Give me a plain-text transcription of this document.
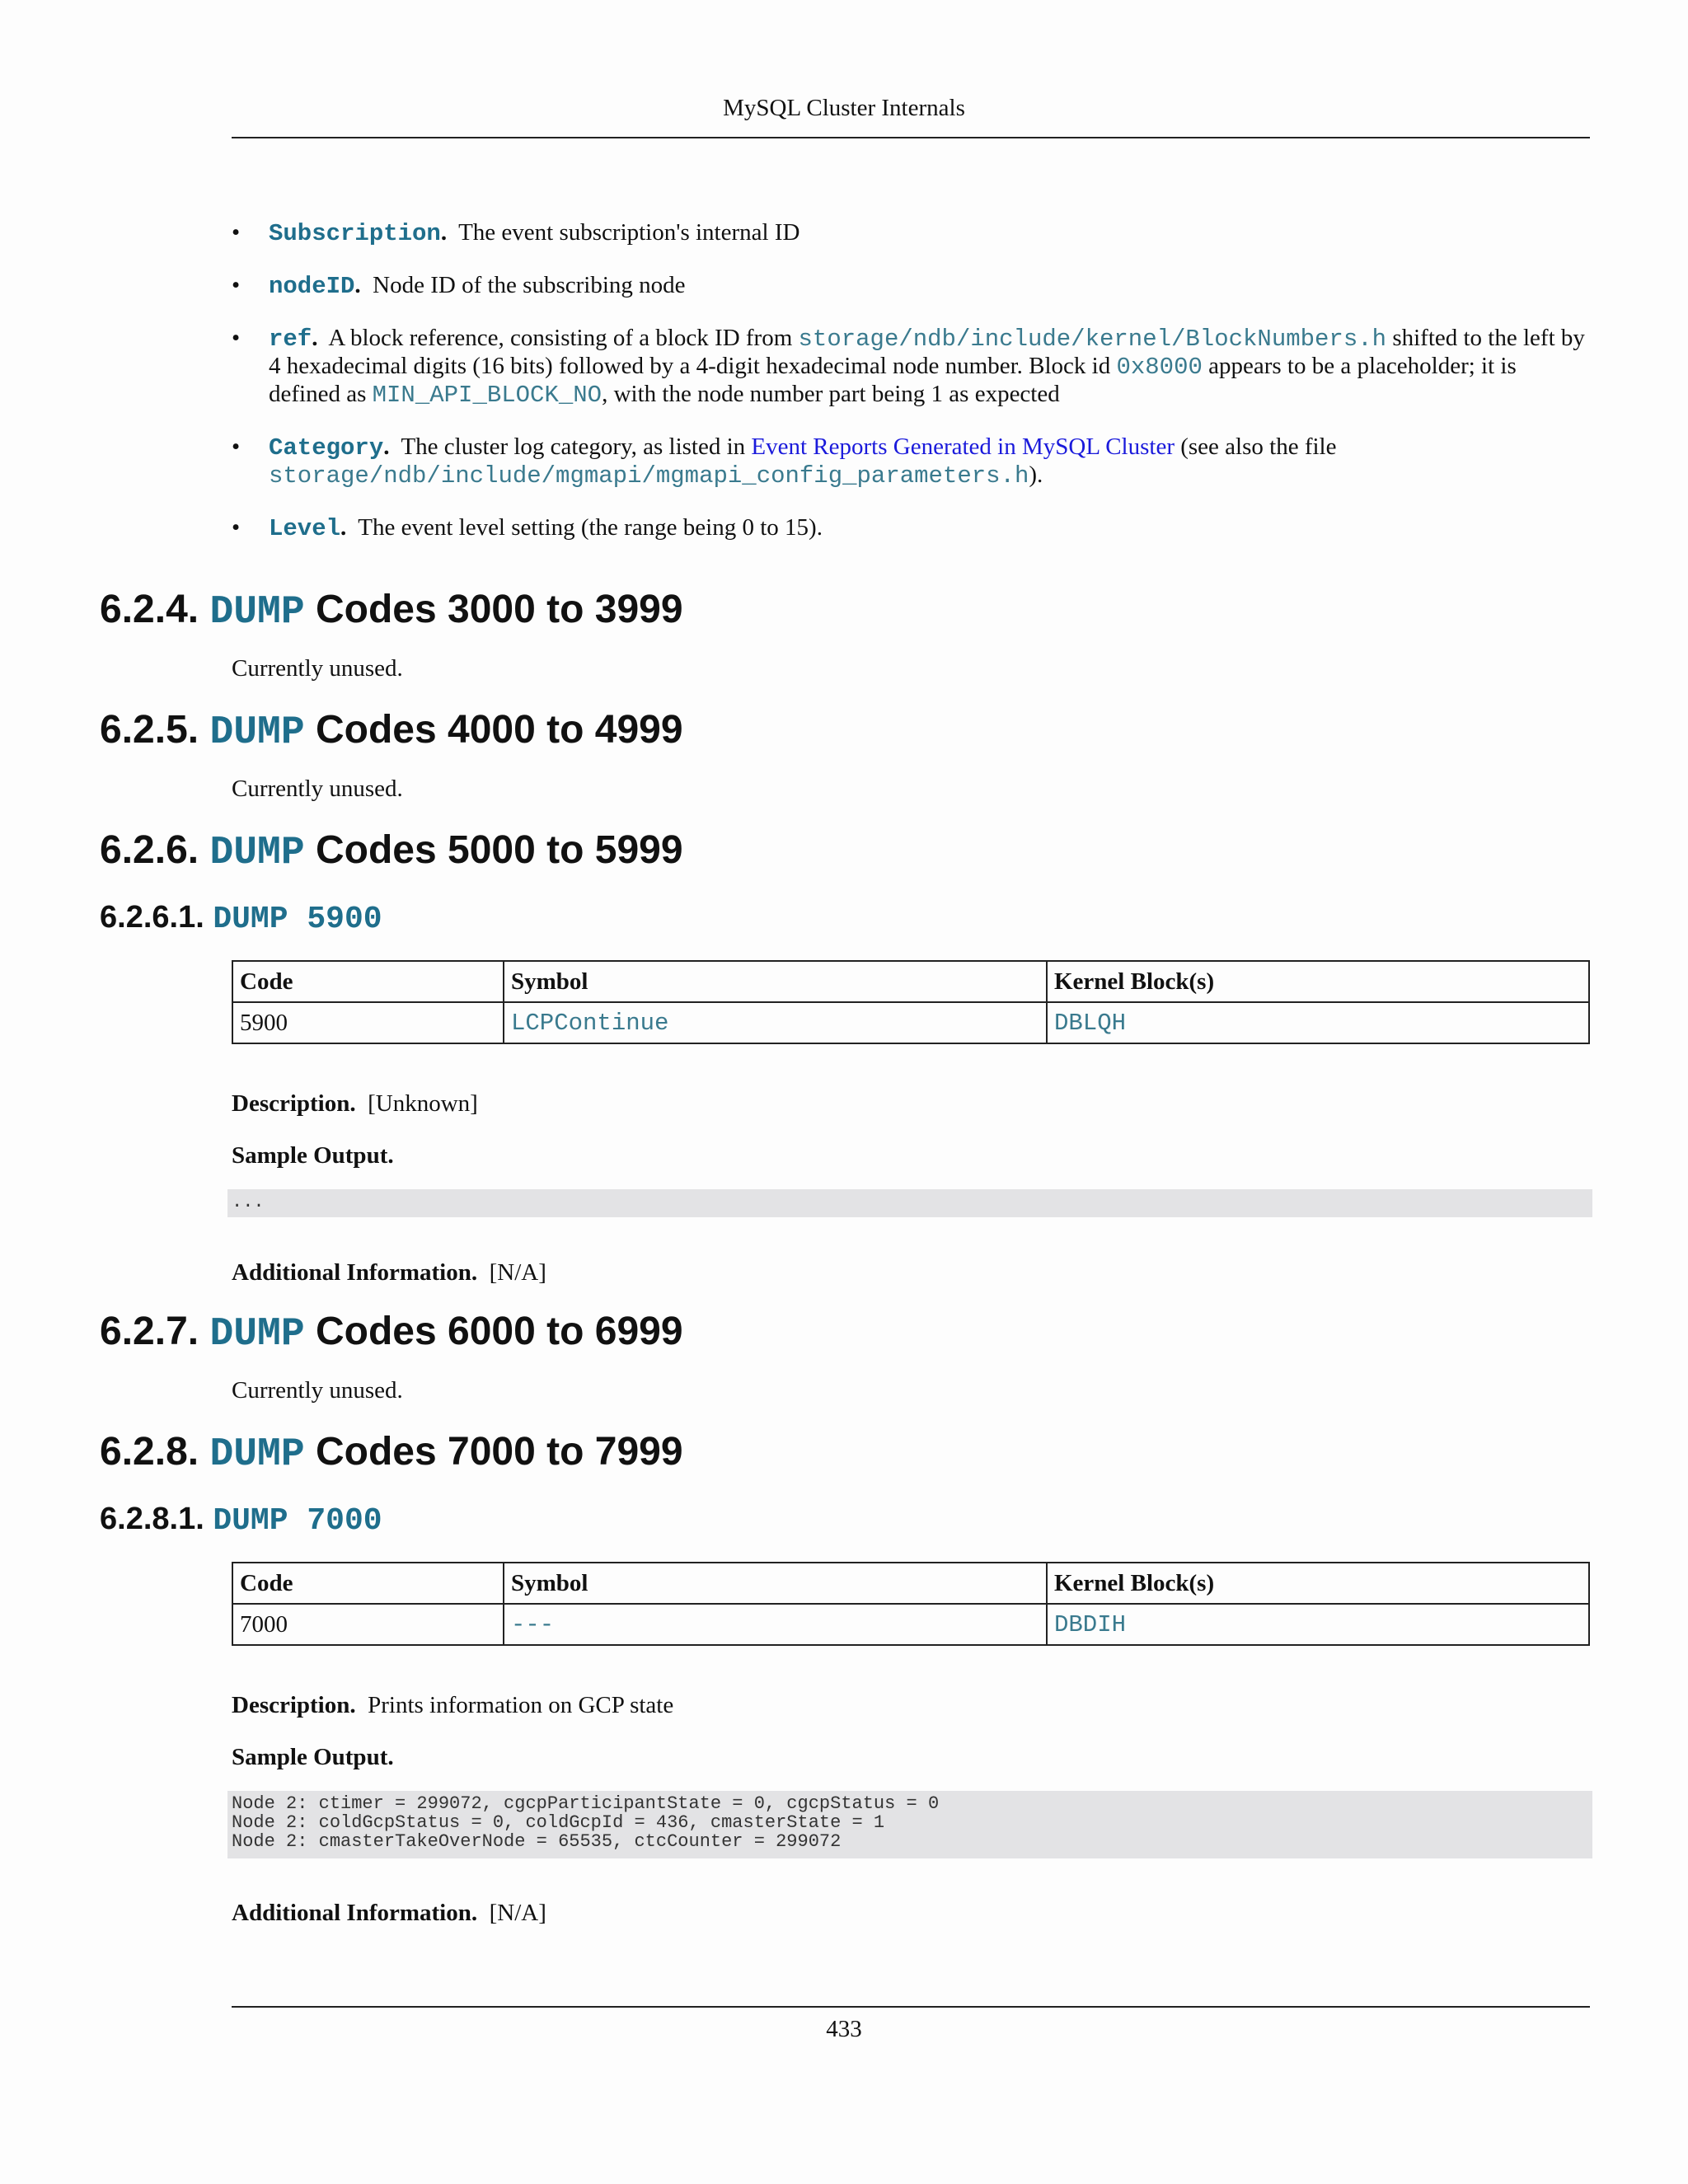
MySQL Cluster Internals
• Subscription. The event subscription's internal ID
• nodeID. Node ID of the subscribing node
• ref. A block reference, consisting of a block ID from storage/ndb/include/kernel/BlockNumbers.h shifted to the left by 4 hexadecimal digits (16 bits) followed by a 4-digit hexadecimal node number. Block id 0x8000 appears to be a placeholder; it is defined as MIN_API_BLOCK_NO, with the node number part being 1 as expected
• Category. The cluster log category, as listed in Event Reports Generated in MySQL Cluster (see also the file storage/ndb/include/mgmapi/mgmapi_config_parameters.h).
• Level. The event level setting (the range being 0 to 15).
6.2.4. DUMP Codes 3000 to 3999
Currently unused.
6.2.5. DUMP Codes 4000 to 4999
Currently unused.
6.2.6. DUMP Codes 5000 to 5999
6.2.6.1. DUMP 5900
Code	Symbol	Kernel Block(s)
5900	LCPContinue	DBLQH
Description. [Unknown]
Sample Output.
...
Additional Information. [N/A]
6.2.7. DUMP Codes 6000 to 6999
Currently unused.
6.2.8. DUMP Codes 7000 to 7999
6.2.8.1. DUMP 7000
Code	Symbol	Kernel Block(s)
7000	---	DBDIH
Description. Prints information on GCP state
Sample Output.
Node 2: ctimer = 299072, cgcpParticipantState = 0, cgcpStatus = 0
Node 2: coldGcpStatus = 0, coldGcpId = 436, cmasterState = 1
Node 2: cmasterTakeOverNode = 65535, ctcCounter = 299072
Additional Information. [N/A]
433
